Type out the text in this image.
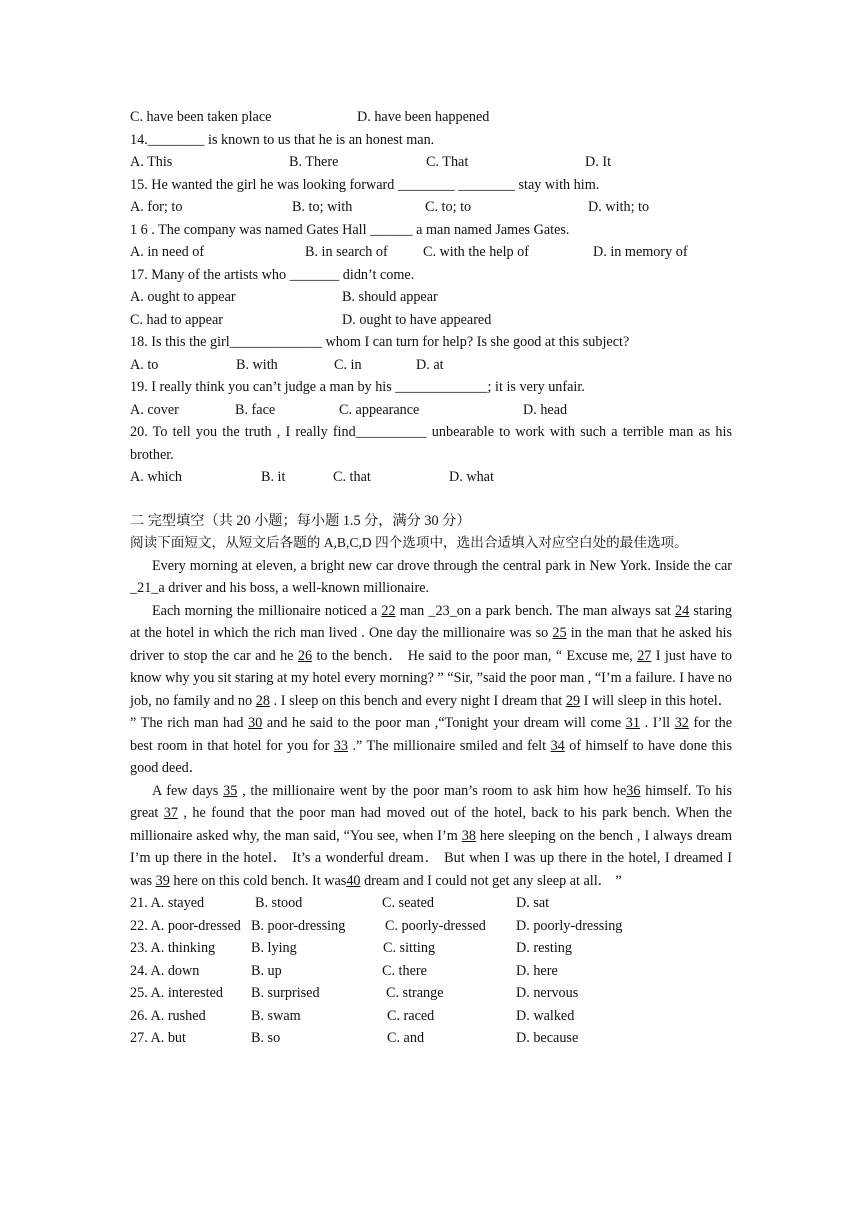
C. have been taken place	D. have been happened
14.________ is known to us that he is an honest man.
A. This	B. There	C. That	D. It
15. He wanted the girl he was looking forward ________ ________ stay with him.
A. for; to	B. to; with	C. to; to	D. with; to
1 6 . The company was named Gates Hall ______ a man named James Gates.
A. in need of	B. in search of C. with the help of	D. in memory of
17. Many of the artists who _______ didn’t come.
A. ought to appear	B. should appear
C. had to appear	D. ought to have appeared
18. Is this the girl_____________ whom I can turn for help? Is she good at this subject?
A. to	B. with	C. in	D. at
19. I really think you can’t judge a man by his _____________; it is very unfair.
A. cover	B. face	C. appearance	D. head
20. To tell you the truth , I really find__________ unbearable to work with such a terrible man as his brother.
A. which	B. it	C. that	D. what
二 完型填空（共 20 小题；每小题 1.5 分，满分 30 分）
阅读下面短文，从短文后各题的 A,B,C,D 四个选项中，选出合适填入对应空白处的最佳选项。

Every morning at eleven, a bright new car drove through the central park in New York. Inside the car _21_a driver and his boss, a well-known millionaire.

Each morning the millionaire noticed a 22 man _23_on a park bench. The man always sat 24 staring at the hotel in which the rich man lived . One day the millionaire was so 25 in the man that he asked his driver to stop the car and he 26 to the bench． He said to the poor man, “ Excuse me, 27 I just have to know why you sit staring at my hotel every morning? ” “Sir, ”said the poor man , “I’m a failure. I have no job, no family and no 28 . I sleep on this bench and every night I dream that 29 I will sleep in this hotel． ” The rich man had 30 and he said to the poor man ,“Tonight your dream will come 31 . I’ll 32 for the best room in that hotel for you for 33 .” The millionaire smiled and felt 34 of himself to have done this good deed．

A few days 35 , the millionaire went by the poor man’s room to ask him how he36 himself. To his great 37 , he found that the poor man had moved out of the hotel, back to his park bench. When the millionaire asked why, the man said, “You see, when I’m 38 here sleeping on the bench , I always dream I’m up there in the hotel． It’s a wonderful dream． But when I was up there in the hotel, I dreamed I was 39 here on this cold bench. It was40 dream and I could not get any sleep at all． ”

21. A. stayed	B. stood	C. seated	D. sat
22. A. poor-dressed B. poor-dressing	C. poorly-dressed D. poorly-dressing
23. A. thinking	B. lying	C. sitting	D. resting
24. A. down	B. up	C. there	D. here
25. A. interested B. surprised	C. strange	D. nervous
26. A. rushed	B. swam	C. raced	D. walked
27. A. but	B. so	C. and	D. because
